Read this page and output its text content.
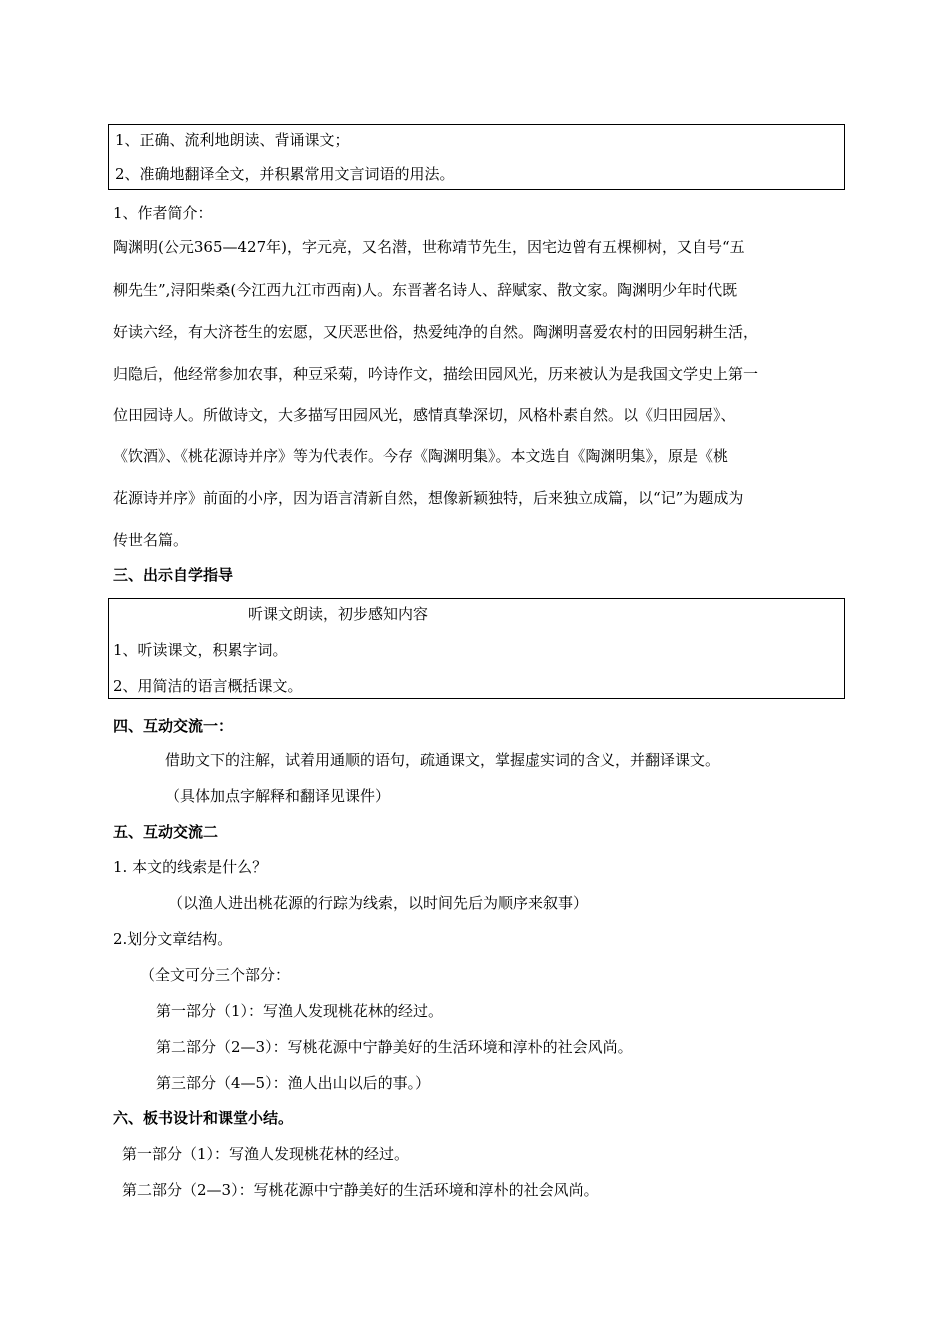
1、正确、流利地朗读、背诵课文；
2、准确地翻译全文，并积累常用文言词语的用法。
1、作者简介：
陶渊明(公元365—427年)，字元亮，又名潜，世称靖节先生，因宅边曾有五棵柳树，又自号“五
柳先生”,浔阳柴桑(今江西九江市西南)人。东晋著名诗人、辞赋家、散文家。陶渊明少年时代既
好读六经，有大济苍生的宏愿，又厌恶世俗，热爱纯净的自然。陶渊明喜爱农村的田园躬耕生活，
归隐后，他经常参加农事，种豆采菊，吟诗作文，描绘田园风光，历来被认为是我国文学史上第一
位田园诗人。所做诗文，大多描写田园风光，感情真挚深切，风格朴素自然。以《归田园居》、
《饮酒》、《桃花源诗并序》等为代表作。今存《陶渊明集》。本文选自《陶渊明集》，原是《桃
花源诗并序》前面的小序，因为语言清新自然，想像新颖独特，后来独立成篇，以“记”为题成为
传世名篇。
三、出示自学指导
听课文朗读，初步感知内容
1、听读课文，积累字词。
2、用简洁的语言概括课文。
四、互动交流一：
借助文下的注解，试着用通顺的语句，疏通课文，掌握虚实词的含义，并翻译课文。
（具体加点字解释和翻译见课件）
五、互动交流二
1. 本文的线索是什么？
（以渔人进出桃花源的行踪为线索，以时间先后为顺序来叙事）
2.划分文章结构。
（全文可分三个部分：
第一部分（1）：写渔人发现桃花林的经过。
第二部分（2—3）：写桃花源中宁静美好的生活环境和淳朴的社会风尚。
第三部分（4—5）：渔人出山以后的事。）
六、板书设计和课堂小结。
第一部分（1）：写渔人发现桃花林的经过。
第二部分（2—3）：写桃花源中宁静美好的生活环境和淳朴的社会风尚。
